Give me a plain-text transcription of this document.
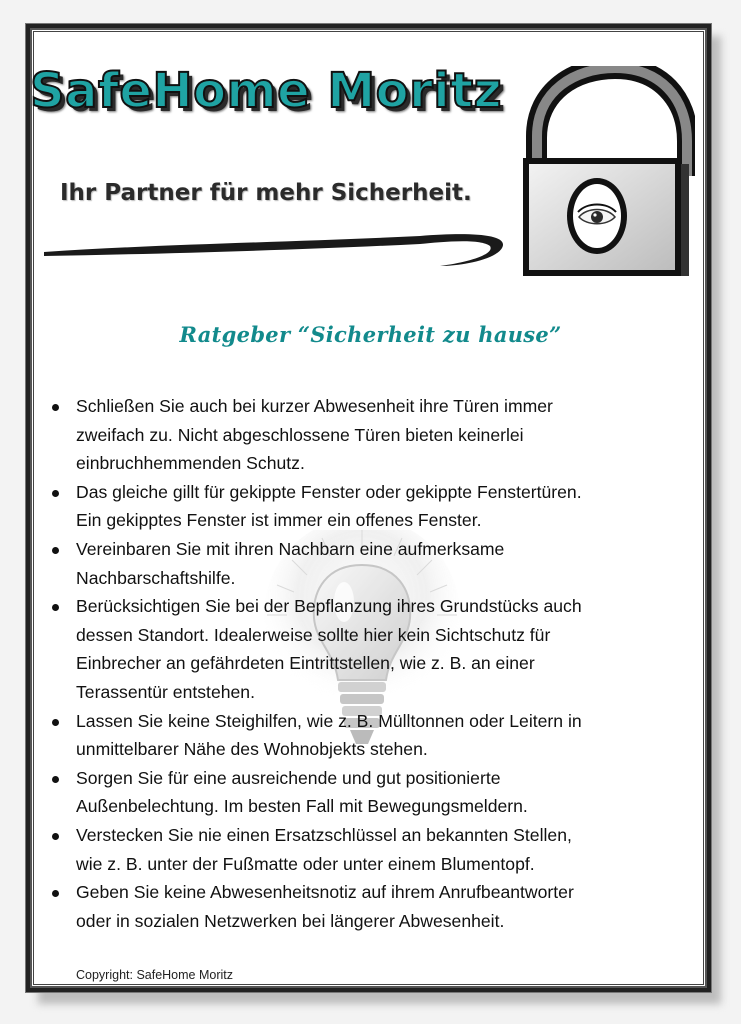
SafeHome Moritz
Ihr Partner für mehr Sicherheit.
Ratgeber “Sicherheit zu hause”
Schließen Sie auch bei kurzer Abwesenheit ihre Türen immer
zweifach zu. Nicht abgeschlossene Türen bieten keinerlei
einbruchhemmenden Schutz.
Das gleiche gillt für gekippte Fenster oder gekippte Fenstertüren.
Ein gekipptes Fenster ist immer ein offenes Fenster.
Vereinbaren Sie mit ihren Nachbarn eine aufmerksame
Nachbarschaftshilfe.
Berücksichtigen Sie bei der Bepflanzung ihres Grundstücks auch
dessen Standort. Idealerweise sollte hier kein Sichtschutz für
Einbrecher an gefährdeten Eintrittstellen, wie z. B. an einer
Terassentür entstehen.
Lassen Sie keine Steighilfen, wie z. B. Mülltonnen oder Leitern in
unmittelbarer Nähe des Wohnobjekts stehen.
Sorgen Sie für eine ausreichende und gut positionierte
Außenbelechtung. Im besten Fall mit Bewegungsmeldern.
Verstecken Sie nie einen Ersatzschlüssel an bekannten Stellen,
wie z. B. unter der Fußmatte oder unter einem Blumentopf.
Geben Sie keine Abwesenheitsnotiz auf ihrem Anrufbeantworter
oder in sozialen Netzwerken bei längerer Abwesenheit.
Copyright: SafeHome Moritz
